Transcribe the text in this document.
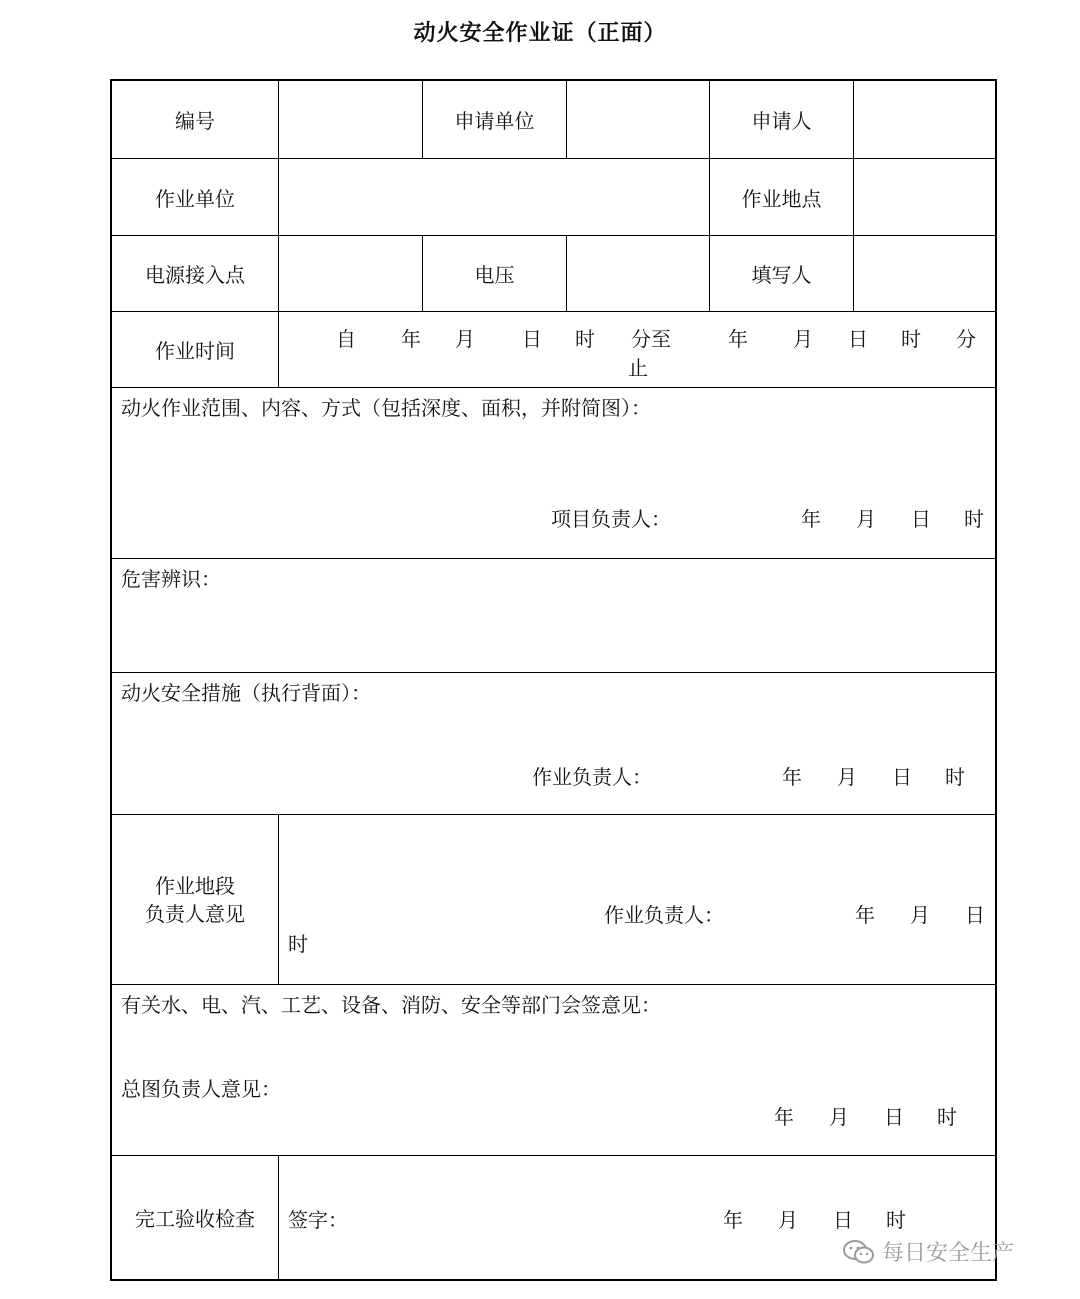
动火安全作业证（正面）
编号	申请单位	申请人
作业单位	作业地点
电源接入点	电压	填写人
作业时间	自 年 月 日 时 分至	年 月 日 时 分
止
动火作业范围、内容、方式（包括深度、面积，并附简图）：
项目负责人：	年 月 日 时
危害辨识：
动火安全措施（执行背面）：
作业负责人：	年 月 日 时
作业地段
负责人意见	作业负责人：	年 月 日
时
有关水、电、汽、工艺、设备、消防、安全等部门会签意见：
总图负责人意见：
年 月 日 时
完工验收检查	签字：	年 月 日 时
每日安全生产
